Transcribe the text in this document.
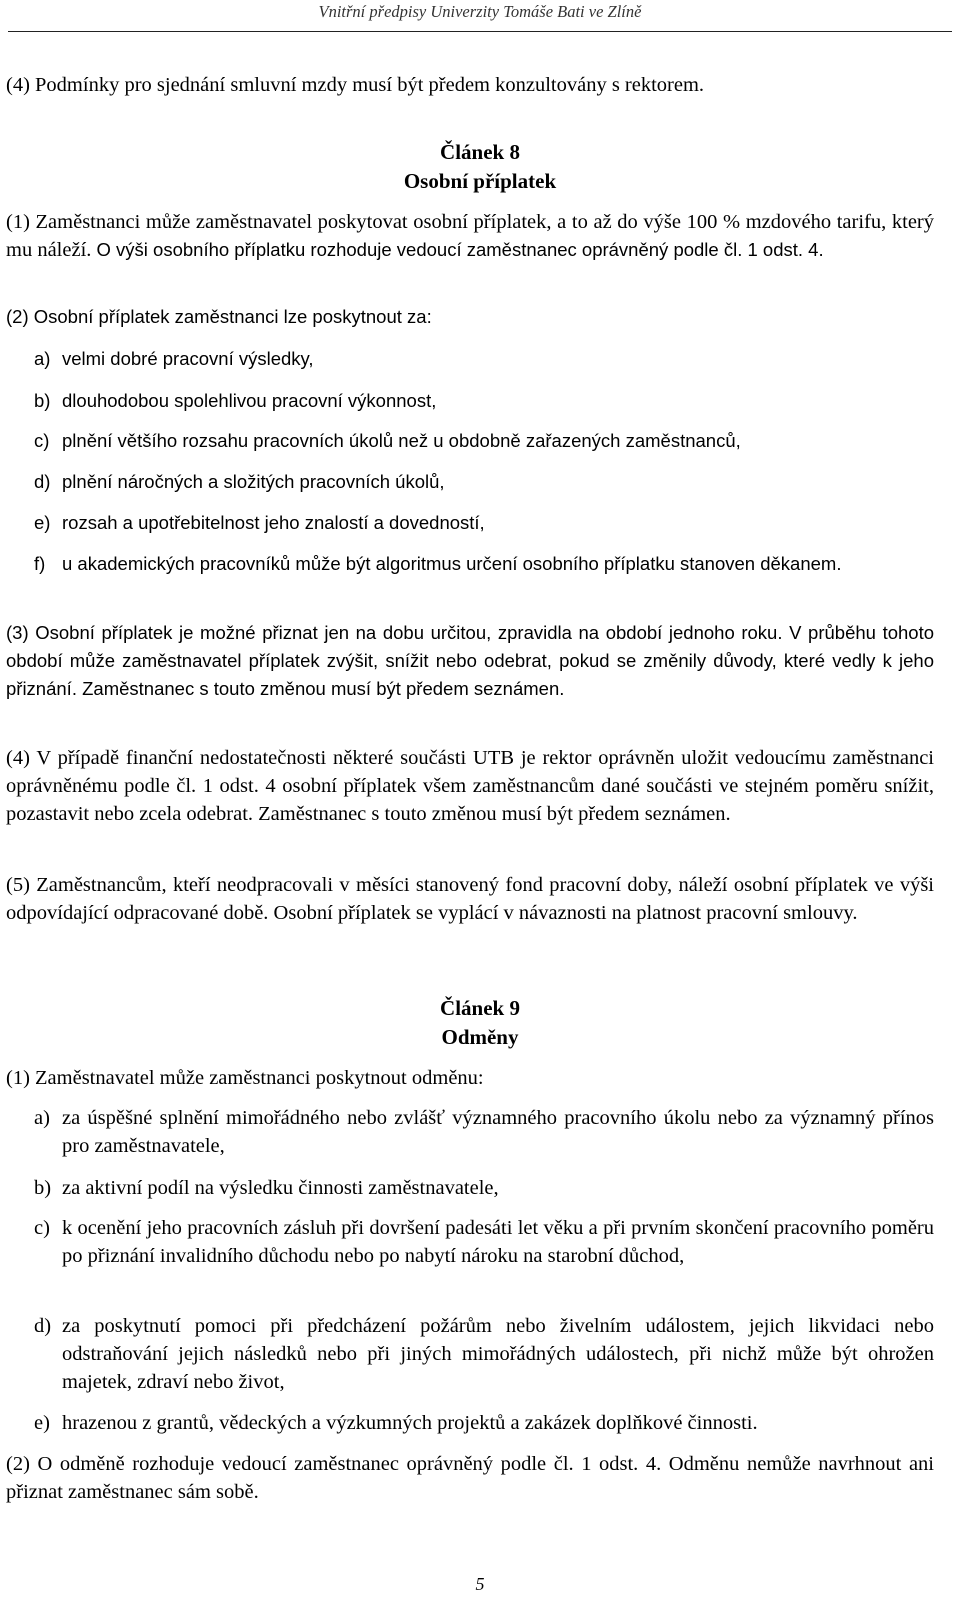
Vnitřní předpisy Univerzity Tomáše Bati ve Zlíně
(4) Podmínky pro sjednání smluvní mzdy musí být předem konzultovány s rektorem.
Článek 8
Osobní příplatek
(1) Zaměstnanci může zaměstnavatel poskytovat osobní příplatek, a to až do výše 100 % mzdového tarifu, který mu náleží. O výši osobního příplatku rozhoduje vedoucí zaměstnanec oprávněný podle čl. 1 odst. 4.
(2) Osobní příplatek zaměstnanci lze poskytnout za:
a) velmi dobré pracovní výsledky,
b) dlouhodobou spolehlivou pracovní výkonnost,
c) plnění většího rozsahu pracovních úkolů než u obdobně zařazených zaměstnanců,
d) plnění náročných a složitých pracovních úkolů,
e) rozsah a upotřebitelnost jeho znalostí a dovedností,
f) u akademických pracovníků může být algoritmus určení osobního příplatku stanoven děkanem.
(3) Osobní příplatek je možné přiznat jen na dobu určitou, zpravidla na období jednoho roku. V průběhu tohoto období může zaměstnavatel příplatek zvýšit, snížit nebo odebrat, pokud se změnily důvody, které vedly k jeho přiznání. Zaměstnanec s touto změnou musí být předem seznámen.
(4) V případě finanční nedostatečnosti některé součásti UTB je rektor oprávněn uložit vedoucímu zaměstnanci oprávněnému podle čl. 1 odst. 4 osobní příplatek všem zaměstnancům dané součásti ve stejném poměru snížit, pozastavit nebo zcela odebrat. Zaměstnanec s touto změnou musí být předem seznámen.
(5) Zaměstnancům, kteří neodpracovali v měsíci stanovený fond pracovní doby, náleží osobní příplatek ve výši odpovídající odpracované době. Osobní příplatek se vyplácí v návaznosti na platnost pracovní smlouvy.
Článek 9
Odměny
(1) Zaměstnavatel může zaměstnanci poskytnout odměnu:
a) za úspěšné splnění mimořádného nebo zvlášť významného pracovního úkolu nebo za významný přínos pro zaměstnavatele,
b) za aktivní podíl na výsledku činnosti zaměstnavatele,
c) k ocenění jeho pracovních zásluh při dovršení padesáti let věku a při prvním skončení pracovního poměru po přiznání invalidního důchodu nebo po nabytí nároku na starobní důchod,
d) za poskytnutí pomoci při předcházení požárům nebo živelním událostem, jejich likvidaci nebo odstraňování jejich následků nebo při jiných mimořádných událostech, při nichž může být ohrožen majetek, zdraví nebo život,
e) hrazenou z grantů, vědeckých a výzkumných projektů a zakázek doplňkové činnosti.
(2) O odměně rozhoduje vedoucí zaměstnanec oprávněný podle čl. 1 odst. 4. Odměnu nemůže navrhnout ani přiznat zaměstnanec sám sobě.
5
